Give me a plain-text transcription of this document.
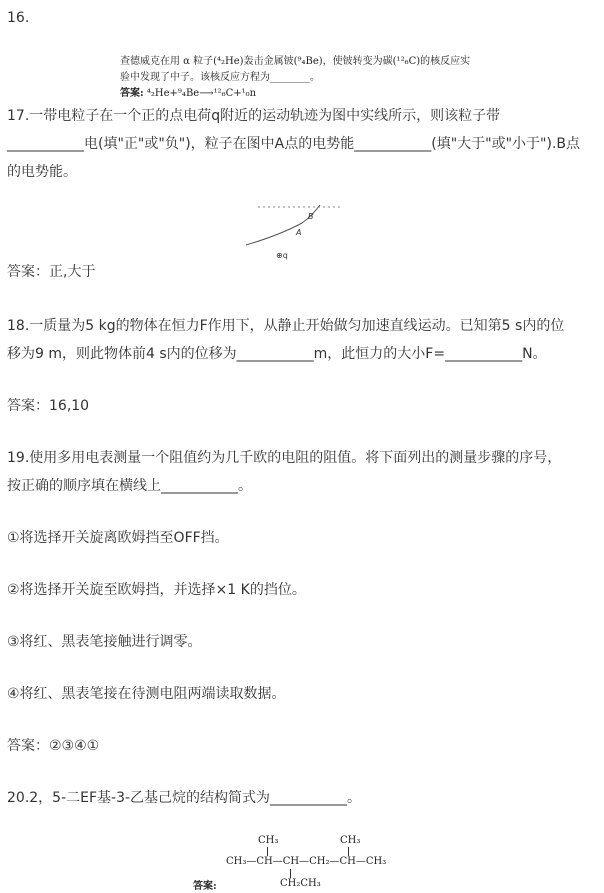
16.
查德威克在用 α 粒子(⁴₂He)轰击金属铍(⁹₄Be)，使铍转变为碳(¹²₆C)的核反应实
验中发现了中子。该核反应方程为________。
答案: ⁴₂He+⁹₄Be⟶¹²₆C+¹₀n
17.一带电粒子在一个正的点电荷q附近的运动轨迹为图中实线所示，则该粒子带
___________电(填"正"或"负")，粒子在图中A点的电势能___________(填"大于"或"小于").B点
的电势能。
B
A
⊕q
答案：正,大于
18.一质量为5 kg的物体在恒力F作用下，从静止开始做匀加速直线运动。已知第5 s内的位
移为9 m，则此物体前4 s内的位移为___________m，此恒力的大小F=___________N。
答案：16,10
19.使用多用电表测量一个阻值约为几千欧的电阻的阻值。将下面列出的测量步骤的序号，
按正确的顺序填在横线上___________。
①将选择开关旋离欧姆挡至OFF挡。
②将选择开关旋至欧姆挡，并选择×1 K的挡位。
③将红、黑表笔接触进行调零。
④将红、黑表笔接在待测电阻两端读取数据。
答案：②③④①
20.2，5-二EF基-3-乙基己烷的结构简式为___________。
答案:
CH₃	CH₃
CH₃—CH—CH—CH₂—CH—CH₃
CH₂CH₃
